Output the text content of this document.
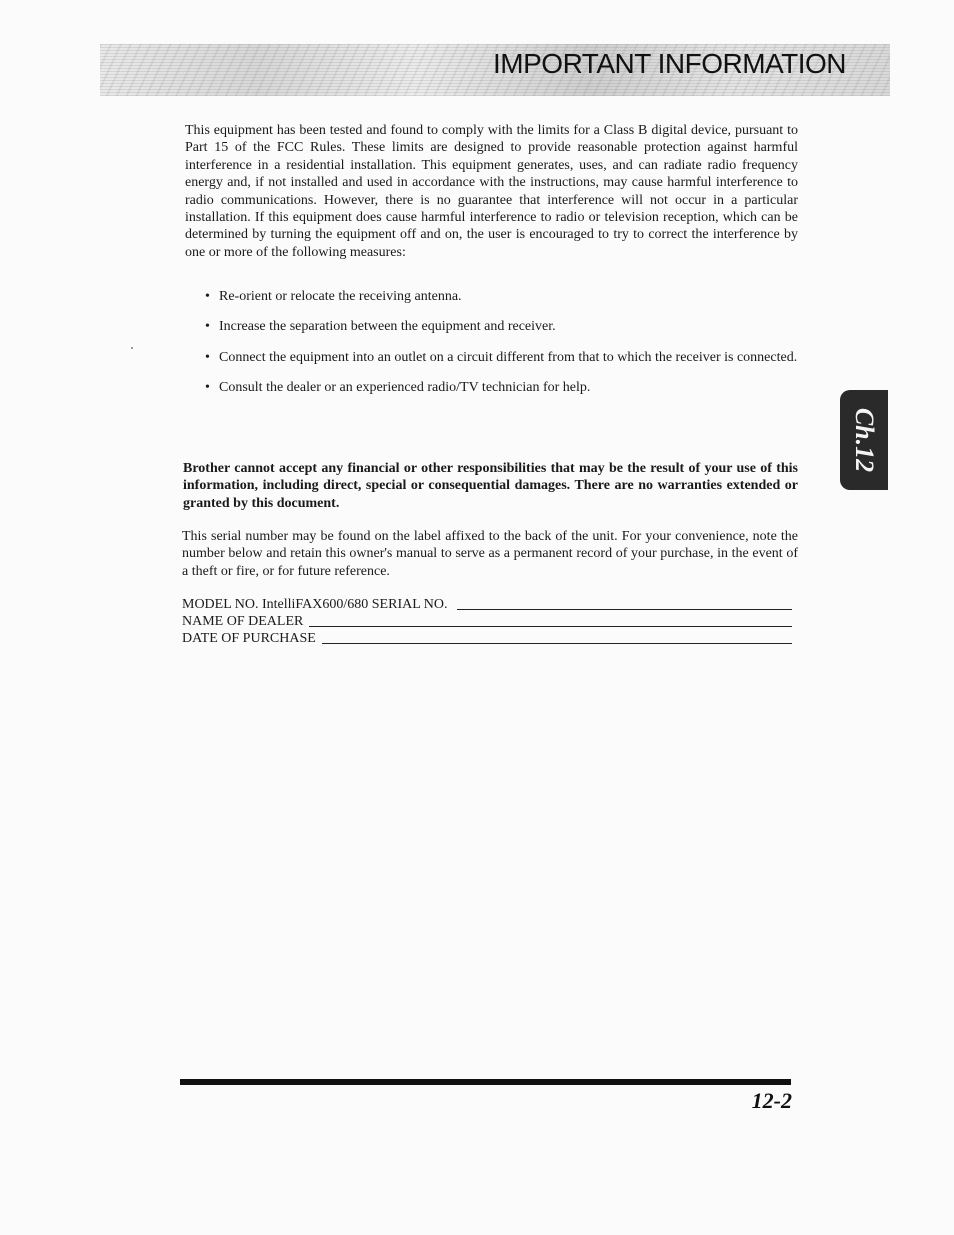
IMPORTANT INFORMATION
This equipment has been tested and found to comply with the limits for a Class B digital device, pursuant to Part 15 of the FCC Rules. These limits are designed to provide reasonable protection against harmful interference in a residential installation. This equipment generates, uses, and can radiate radio frequency energy and, if not installed and used in accordance with the instructions, may cause harmful interference to radio communications. However, there is no guarantee that interference will not occur in a particular installation. If this equipment does cause harmful interference to radio or television reception, which can be determined by turning the equipment off and on, the user is encouraged to try to correct the interference by one or more of the following measures:
• Re-orient or relocate the receiving antenna.
• Increase the separation between the equipment and receiver.
• Connect the equipment into an outlet on a circuit different from that to which the receiver is connected.
• Consult the dealer or an experienced radio/TV technician for help.
Brother cannot accept any financial or other responsibilities that may be the result of your use of this information, including direct, special or consequential damages. There are no warranties extended or granted by this document.
This serial number may be found on the label affixed to the back of the unit. For your convenience, note the number below and retain this owner's manual to serve as a permanent record of your purchase, in the event of a theft or fire, or for future reference.
MODEL NO. IntelliFAX600/680 SERIAL NO.
NAME OF DEALER
DATE OF PURCHASE
Ch.12
12-2
